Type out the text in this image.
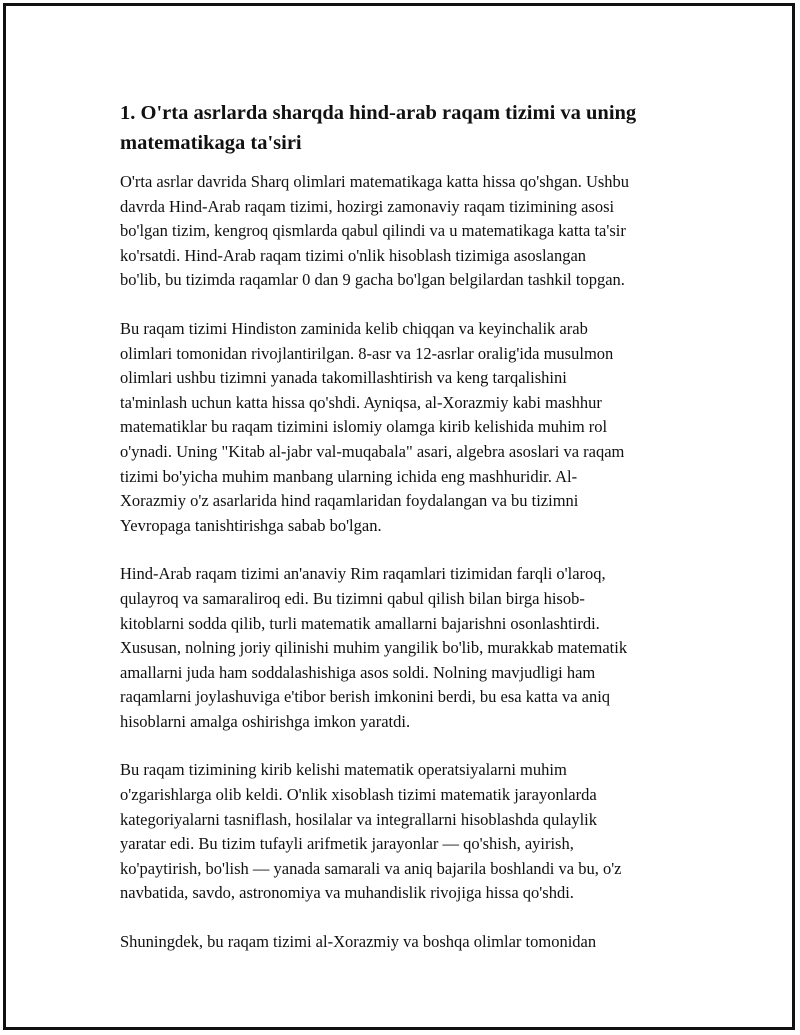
1. O'rta asrlarda sharqda hind-arab raqam tizimi va uning
matematikaga ta'siri

O'rta asrlar davrida Sharq olimlari matematikaga katta hissa qo'shgan. Ushbu
davrda Hind-Arab raqam tizimi, hozirgi zamonaviy raqam tizimining asosi
bo'lgan tizim, kengroq qismlarda qabul qilindi va u matematikaga katta ta'sir
ko'rsatdi. Hind-Arab raqam tizimi o'nlik hisoblash tizimiga asoslangan
bo'lib, bu tizimda raqamlar 0 dan 9 gacha bo'lgan belgilardan tashkil topgan.

Bu raqam tizimi Hindiston zaminida kelib chiqqan va keyinchalik arab
olimlari tomonidan rivojlantirilgan. 8-asr va 12-asrlar oralig'ida musulmon
olimlari ushbu tizimni yanada takomillashtirish va keng tarqalishini
ta'minlash uchun katta hissa qo'shdi. Ayniqsa, al-Xorazmiy kabi mashhur
matematiklar bu raqam tizimini islomiy olamga kirib kelishida muhim rol
o'ynadi. Uning "Kitab al-jabr val-muqabala" asari, algebra asoslari va raqam
tizimi bo'yicha muhim manbang ularning ichida eng mashhuridir. Al-
Xorazmiy o'z asarlarida hind raqamlaridan foydalangan va bu tizimni
Yevropaga tanishtirishga sabab bo'lgan.

Hind-Arab raqam tizimi an'anaviy Rim raqamlari tizimidan farqli o'laroq,
qulayroq va samaraliroq edi. Bu tizimni qabul qilish bilan birga hisob-
kitoblarni sodda qilib, turli matematik amallarni bajarishni osonlashtirdi.
Xususan, nolning joriy qilinishi muhim yangilik bo'lib, murakkab matematik
amallarni juda ham soddalashishiga asos soldi. Nolning mavjudligi ham
raqamlarni joylashuviga e'tibor berish imkonini berdi, bu esa katta va aniq
hisoblarni amalga oshirishga imkon yaratdi.

Bu raqam tizimining kirib kelishi matematik operatsiyalarni muhim
o'zgarishlarga olib keldi. O'nlik xisoblash tizimi matematik jarayonlarda
kategoriyalarni tasniflash, hosilalar va integrallarni hisoblashda qulaylik
yaratar edi. Bu tizim tufayli arifmetik jarayonlar — qo'shish, ayirish,
ko'paytirish, bo'lish — yanada samarali va aniq bajarila boshlandi va bu, o'z
navbatida, savdo, astronomiya va muhandislik rivojiga hissa qo'shdi.

Shuningdek, bu raqam tizimi al-Xorazmiy va boshqa olimlar tomonidan
